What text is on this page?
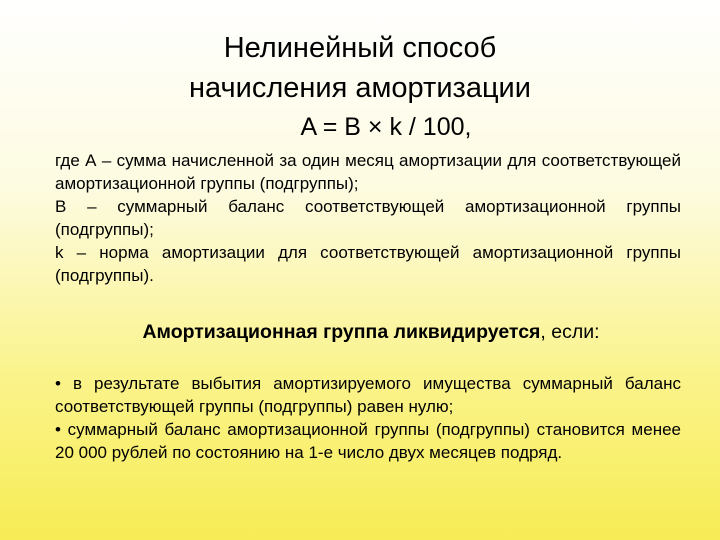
Нелинейный способ
начисления амортизации
A = B × k / 100,

где А – сумма начисленной за один месяц амортизации для соответствующей амортизационной группы (подгруппы);

B – суммарный баланс соответствующей амортизационной группы (подгруппы);

k – норма амортизации для соответствующей амортизационной группы (подгруппы).

Амортизационная группа ликвидируется, если:

• в результате выбытия амортизируемого имущества суммарный баланс соответствующей группы (подгруппы) равен нулю;

• суммарный баланс амортизационной группы (подгруппы) становится менее 20 000 рублей по состоянию на 1-е число двух месяцев подряд.
